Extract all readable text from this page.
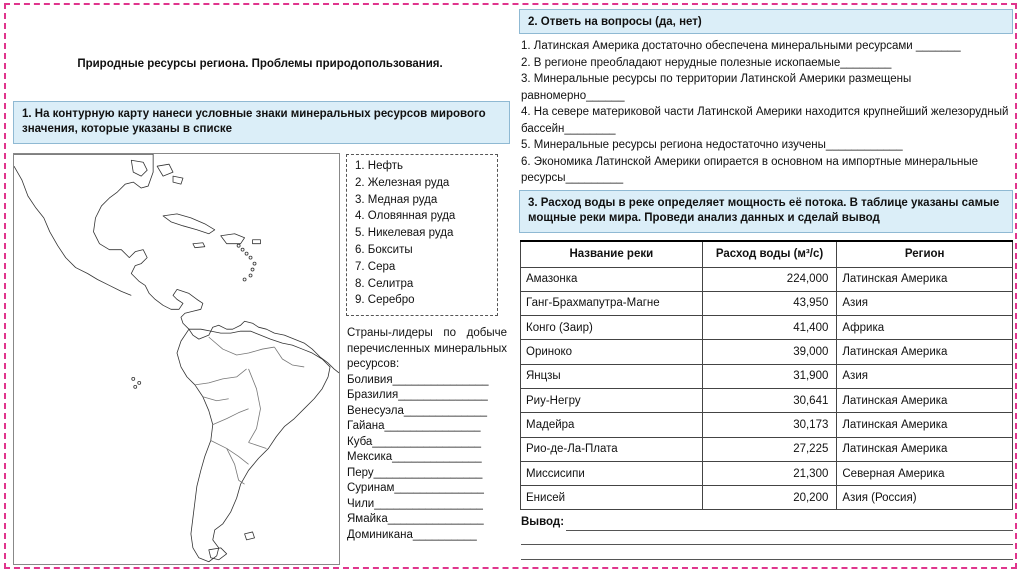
Природные ресурсы региона. Проблемы природопользования.
1. На контурную карту нанеси условные знаки минеральных ресурсов мирового значения, которые указаны в списке
1. Нефть
2. Железная руда
3. Медная руда
4. Оловянная руда
5. Никелевая руда
6. Бокситы
7. Сера
8. Селитра
9. Серебро
Страны-лидеры по добыче перечисленных минеральных ресурсов:
Боливия_______________
Бразилия______________
Венесуэла_____________
Гайана_______________
Куба_________________
Мексика______________
Перу_________________
Суринам______________
Чили_________________
Ямайка_______________
Доминикана__________
2. Ответь на вопросы (да, нет)
1. Латинская Америка достаточно обеспечена минеральными ресурсами _______
2. В регионе преобладают нерудные полезные ископаемые________
3. Минеральные ресурсы по территории Латинской Америки размещены равномерно______
4. На севере материковой части Латинской Америки находится крупнейший железорудный бассейн________
5. Минеральные ресурсы региона недостаточно изучены____________
6. Экономика Латинской Америки опирается в основном на импортные минеральные ресурсы_________
3. Расход воды в реке определяет мощность её потока. В таблице указаны самые мощные реки мира. Проведи анализ данных и сделай вывод
Название реки	Расход воды (м³/с)	Регион
Амазонка	224,000	Латинская Америка
Ганг-Брахмапутра-Магне	43,950	Азия
Конго (Заир)	41,400	Африка
Ориноко	39,000	Латинская Америка
Янцзы	31,900	Азия
Риу-Негру	30,641	Латинская Америка
Мадейра	30,173	Латинская Америка
Рио-де-Ла-Плата	27,225	Латинская Америка
Миссисипи	21,300	Северная Америка
Енисей	20,200	Азия (Россия)
Вывод:
